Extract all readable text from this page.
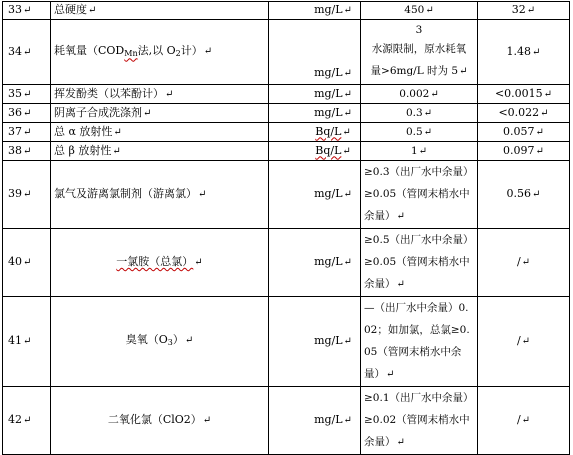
33↵	总硬度↵	mg/L↵	450↵	32↵
34↵	耗氧量（$COD_{Mn}$法,以 $O_2$计）↵	mg/L↵	3
水源限制，原水耗氧
量>6mg/L 时为 5↵	1.48↵
35↵	挥发酚类（以苯酚计）↵	mg/L↵	0.002↵	<0.0015↵
36↵	阴离子合成洗涤剂↵	mg/L↵	0.3↵	<0.022↵
37↵	总 α 放射性↵	Bq/L↵	0.5↵	0.057↵
38↵	总 β 放射性↵	Bq/L↵	1↵	0.097↵
39↵	氯气及游离氯制剂（游离氯）↵	mg/L↵	≥0.3（出厂水中余量）≥0.05（管网末梢水中余量）↵	0.56↵
40↵	一氯胺（总氯）↵	mg/L↵	≥0.5（出厂水中余量）≥0.05（管网末梢水中余量）↵	/↵
41↵	臭氧$(O_3)↵$	mg/L↵	—（出厂水中余量）0.02；如加氯，总氯≥0.05（管网末梢水中余量）↵	/↵
42↵	二氧化氯（ClO2）↵	mg/L↵	≥0.1（出厂水中余量）≥0.02（管网末梢水中余量）↵	/↵
